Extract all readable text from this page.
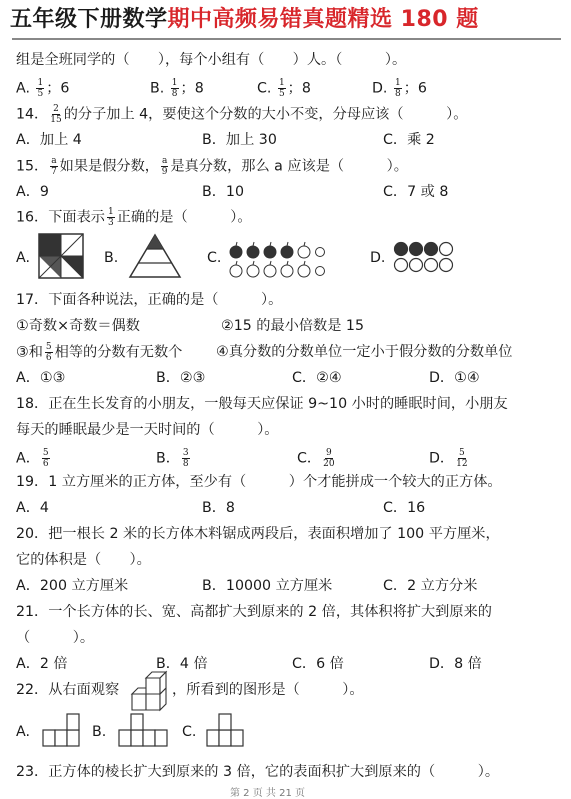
五年级下册数学期中高频易错真题精选 180 题
组是全班同学的（　　），每个小组有（　　）人。（　　　）。
A. $\frac{1}{5}$ ；6	B. $\frac{1}{8}$ ；8	C. $\frac{1}{5}$ ；8	D. $\frac{1}{8}$ ；6
14． $\frac{2}{15}$ 的分子加上 4，要使这个分数的大小不变，分母应该（　　　）。
A．加上 4	B．加上 30	C．乘 2
15． $\frac{a}{7}$ 如果是假分数， $\frac{a}{9}$ 是真分数，那么 a 应该是（　　　）。
A．9	B．10	C．7 或 8
16．下面表示 $\frac{1}{3}$ 正确的是（　　　）。
A.	B.	C.	D.
17．下面各种说法，正确的是（　　　）。
①奇数×奇数＝偶数	②15 的最小倍数是 15
③和 $\frac{5}{6}$ 相等的分数有无数个 ④真分数的分数单位一定小于假分数的分数单位
A．①③	B．②③	C．②④	D．①④
18．正在生长发育的小朋友，一般每天应保证 9~10 小时的睡眠时间，小朋友
每天的睡眠最少是一天时间的（　　　）。
A． $\frac{5}{6}$	B． $\frac{3}{8}$	C． $\frac{9}{20}$	D． $\frac{5}{12}$
19．1 立方厘米的正方体，至少有（　　　）个才能拼成一个较大的正方体。
A．4	B．8	C．16
20．把一根长 2 米的长方体木料锯成两段后，表面积增加了 100 平方厘米，
它的体积是（　　）。
A．200 立方厘米	B．10000 立方厘米	C．2 立方分米
21．一个长方体的长、宽、高都扩大到原来的 2 倍，其体积将扩大到原来的
（　　　）。
A．2 倍	B．4 倍	C．6 倍	D．8 倍
22．从右面观察	，所看到的图形是（　　　）。
A.	B.	C.
23．正方体的棱长扩大到原来的 3 倍，它的表面积扩大到原来的（　　　）。
第 2 页 共 21 页
